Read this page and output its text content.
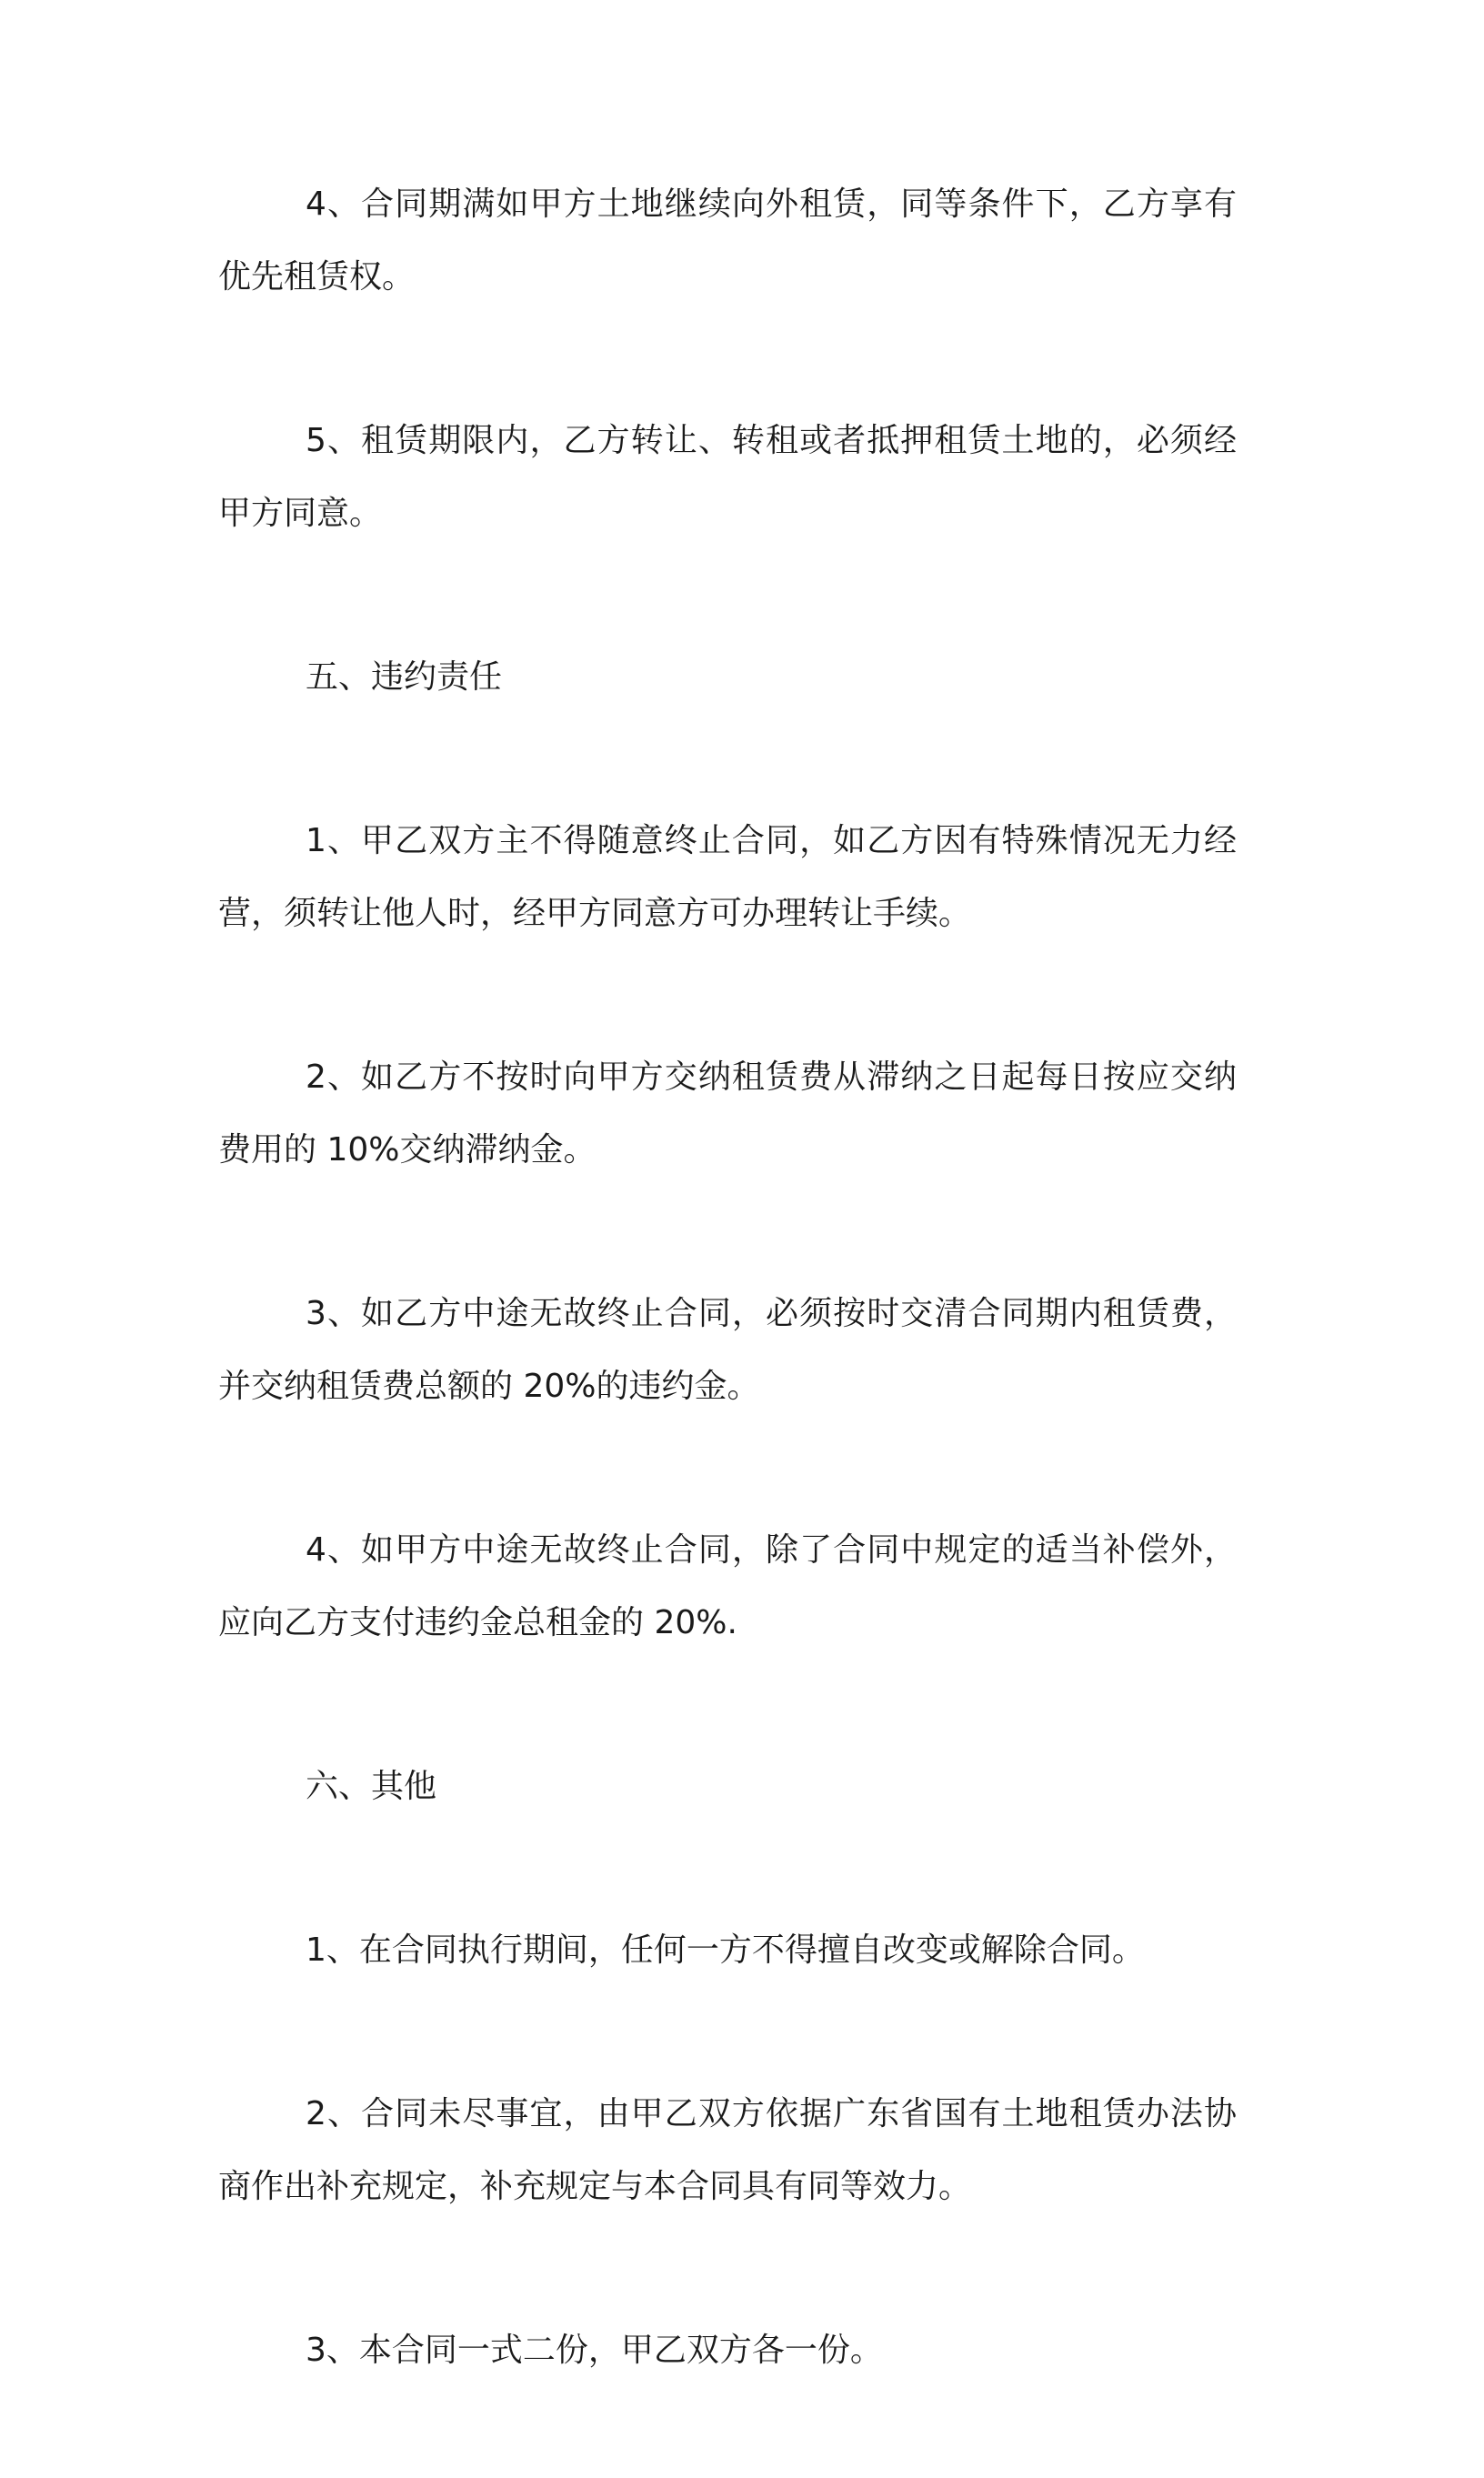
4、合同期满如甲方土地继续向外租赁，同等条件下，乙方享有优先租赁权。

5、租赁期限内，乙方转让、转租或者抵押租赁土地的，必须经甲方同意。

五、违约责任

1、甲乙双方主不得随意终止合同，如乙方因有特殊情况无力经营，须转让他人时，经甲方同意方可办理转让手续。

2、如乙方不按时向甲方交纳租赁费从滞纳之日起每日按应交纳费用的 10%交纳滞纳金。

3、如乙方中途无故终止合同，必须按时交清合同期内租赁费，并交纳租赁费总额的 20%的违约金。

4、如甲方中途无故终止合同，除了合同中规定的适当补偿外，应向乙方支付违约金总租金的 20%.

六、其他

1、在合同执行期间，任何一方不得擅自改变或解除合同。

2、合同未尽事宜，由甲乙双方依据广东省国有土地租赁办法协商作出补充规定，补充规定与本合同具有同等效力。

3、本合同一式二份，甲乙双方各一份。
